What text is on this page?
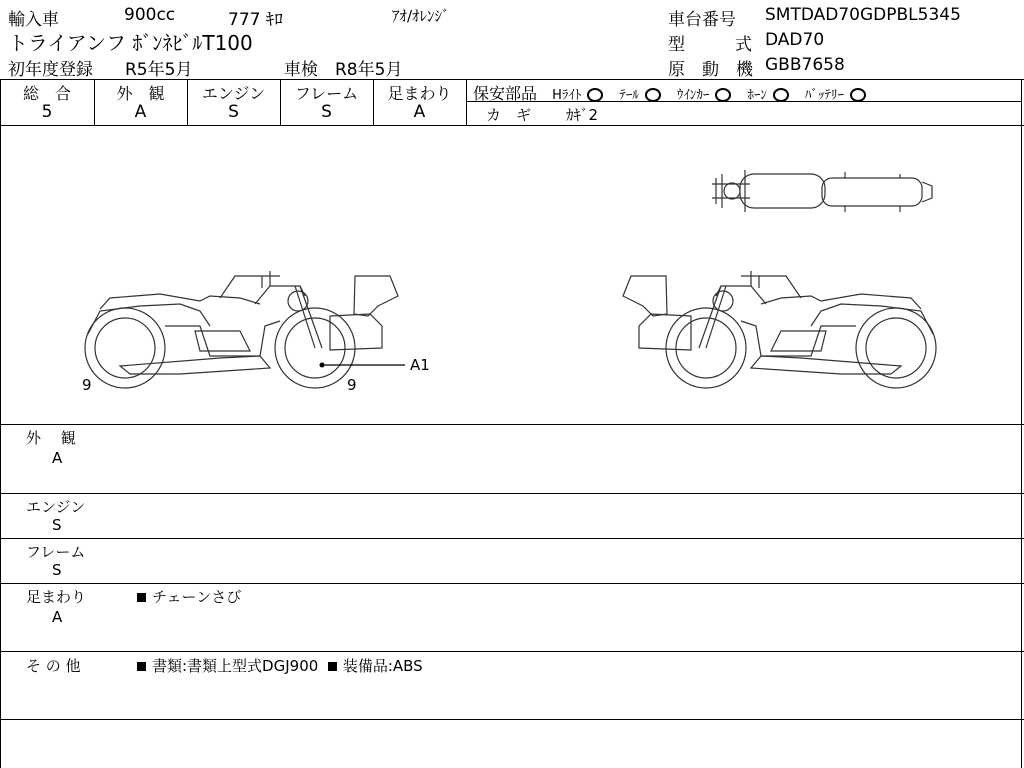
輸入車	900cc	777 ｷﾛ	ｱｵ/ｵﾚﾝｼﾞ
トライアンフ ﾎﾞﾝﾈﾋﾞﾙT100
初年度登録 R5年5月	車検 R8年5月
車台番号 SMTDAD70GDPBL5345
型	式 DAD70
原 動 機 GBB7658
総　合
5
外　観
A
エンジン
S
フレーム
S
足まわり
A
保安部品 Hﾗｲﾄ	ﾃｰﾙ	ｳｲﾝｶｰ	ﾎｰﾝ	ﾊﾞｯﾃﾘｰ
カ　ギ ｶｷﾞ2
9	9
A1
外　 観
A
エンジン
S
フレーム
S
足まわり
A
チェーンさび
そ の 他	書類:書類上型式DGJ900 装備品:ABS
